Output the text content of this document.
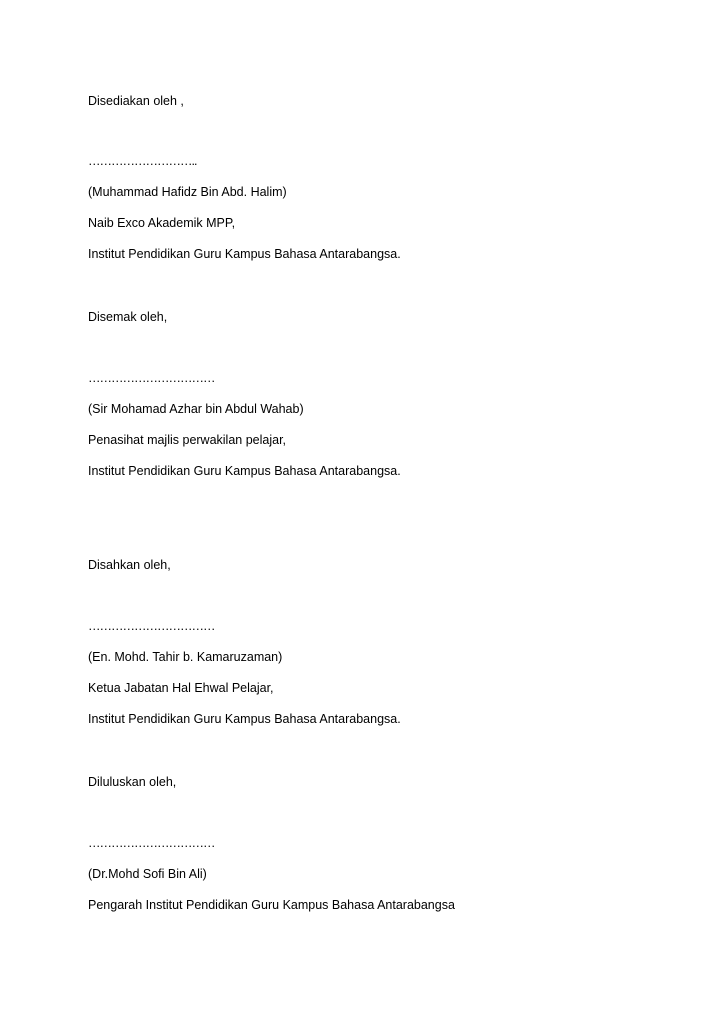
Disediakan oleh ,
………………………..
(Muhammad Hafidz Bin Abd. Halim)
Naib Exco Akademik MPP,
Institut Pendidikan Guru Kampus Bahasa Antarabangsa.
Disemak oleh,
……………………………
(Sir Mohamad Azhar bin Abdul Wahab)
Penasihat majlis perwakilan pelajar,
Institut Pendidikan Guru Kampus Bahasa Antarabangsa.
Disahkan oleh,
……………………………
(En. Mohd. Tahir b. Kamaruzaman)
Ketua Jabatan Hal Ehwal Pelajar,
Institut Pendidikan Guru Kampus Bahasa Antarabangsa.
Diluluskan oleh,
……………………………
(Dr.Mohd Sofi Bin Ali)
Pengarah Institut Pendidikan Guru Kampus Bahasa Antarabangsa
